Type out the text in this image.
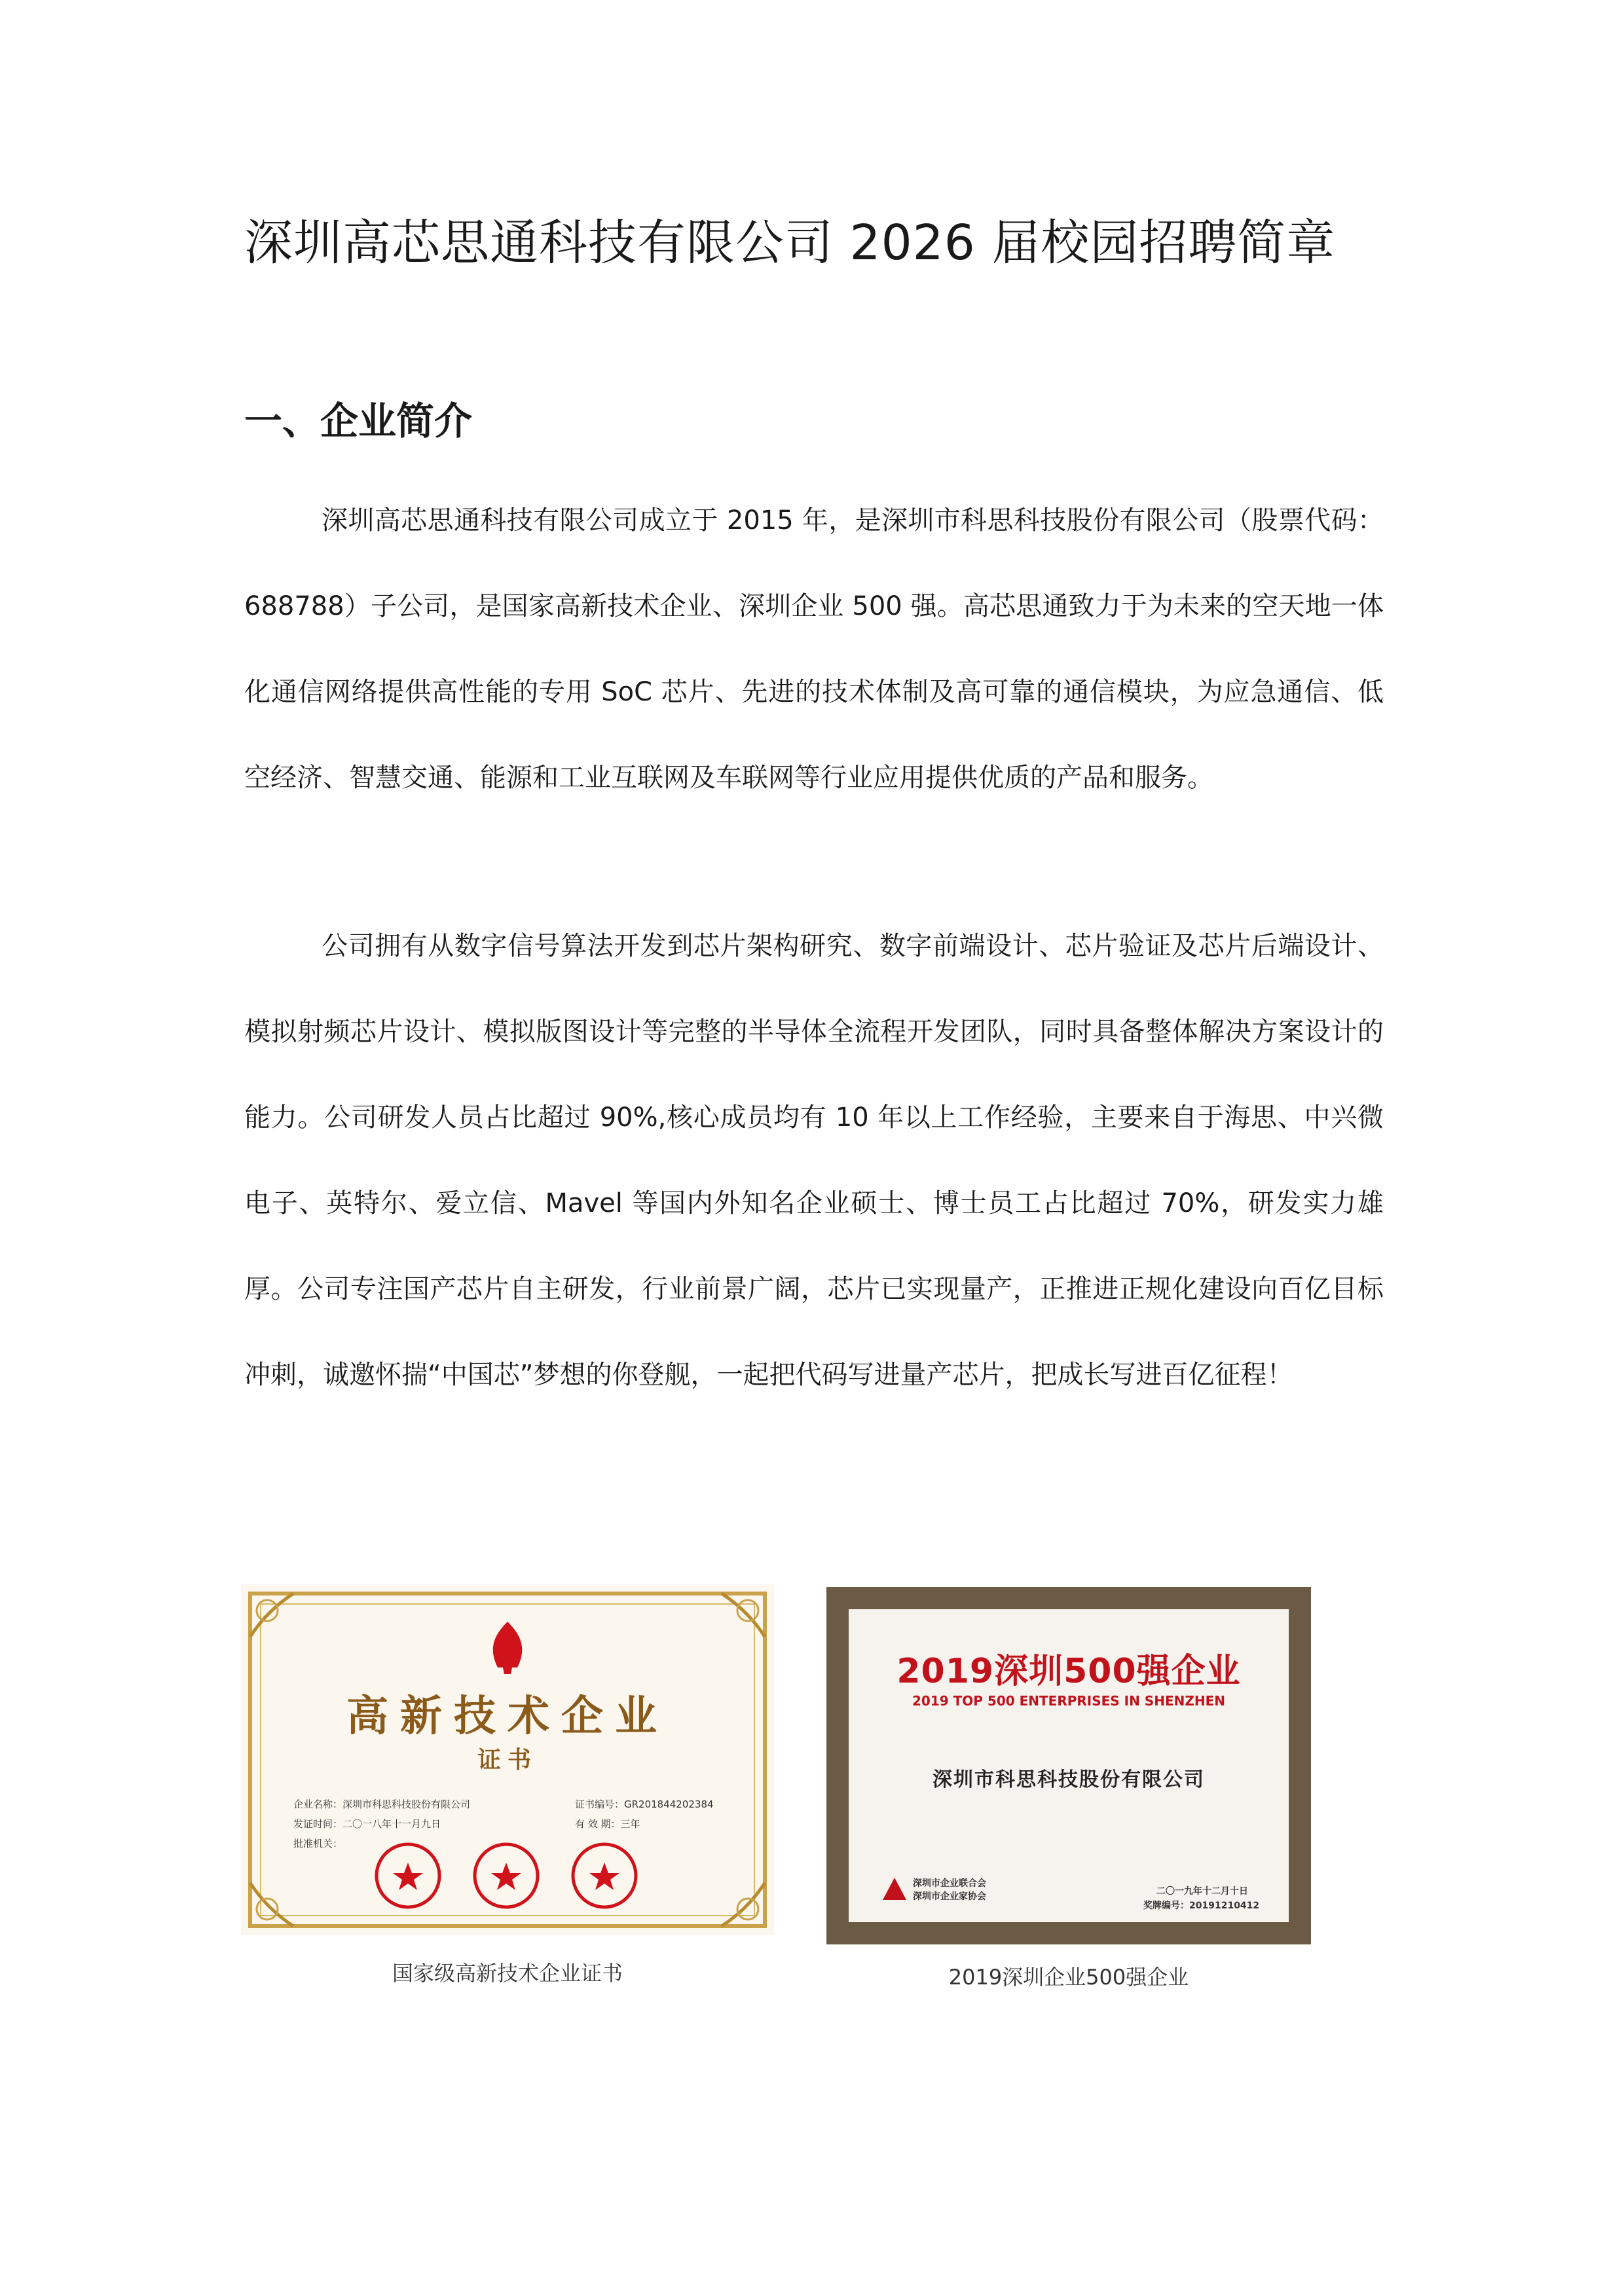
深圳高芯思通科技有限公司 2026 届校园招聘简章
一、企业简介

深圳高芯思通科技有限公司成立于 2015 年，是深圳市科思科技股份有限公司（股票代码：688788）子公司，是国家高新技术企业、深圳企业 500 强。高芯思通致力于为未来的空天地一体化通信网络提供高性能的专用 SoC 芯片、先进的技术体制及高可靠的通信模块，为应急通信、低空经济、智慧交通、能源和工业互联网及车联网等行业应用提供优质的产品和服务。

公司拥有从数字信号算法开发到芯片架构研究、数字前端设计、芯片验证及芯片后端设计、模拟射频芯片设计、模拟版图设计等完整的半导体全流程开发团队，同时具备整体解决方案设计的能力。公司研发人员占比超过 90%,核心成员均有 10 年以上工作经验，主要来自于海思、中兴微电子、英特尔、爱立信、Mavel 等国内外知名企业硕士、博士员工占比超过 70%，研发实力雄厚。公司专注国产芯片自主研发，行业前景广阔，芯片已实现量产，正推进正规化建设向百亿目标冲刺，诚邀怀揣“中国芯”梦想的你登舰，一起把代码写进量产芯片，把成长写进百亿征程！

高新技术企业
证书
企业名称：深圳市科思科技股份有限公司	证书编号：GR201844202384
发证时间：二〇一八年十一月九日	有 效 期：三年
批准机关：
国家级高新技术企业证书
2019深圳500强企业
2019 TOP 500 ENTERPRISES IN SHENZHEN
深圳市科思科技股份有限公司
深圳市企业联合会
深圳市企业家协会	二〇一九年十二月十日
奖牌编号：20191210412
2019深圳企业500强企业
